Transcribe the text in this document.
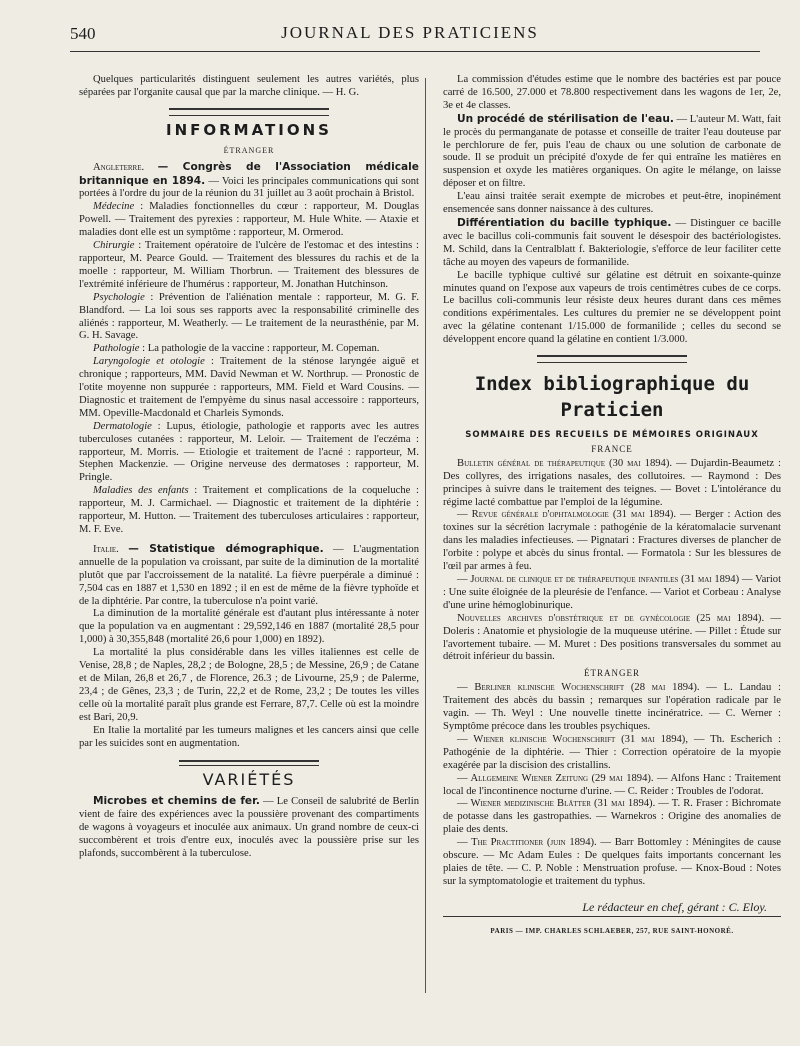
540	JOURNAL DES PRATICIENS

Quelques particularités distinguent seulement les autres variétés, plus séparées par l'organite causal que par la marche clinique. — H. G.

INFORMATIONS
ÉTRANGER

Angleterre. — Congrès de l'Association médicale britannique en 1894. — Voici les principales communications qui sont portées à l'ordre du jour de la réunion du 31 juillet au 3 août prochain à Bristol.

Médecine : Maladies fonctionnelles du cœur : rapporteur, M. Douglas Powell. — Traitement des pyrexies : rapporteur, M. Hule White. — Ataxie et maladies dont elle est un symptôme : rapporteur, M. Ormerod.

Chirurgie : Traitement opératoire de l'ulcère de l'estomac et des intestins : rapporteur, M. Pearce Gould. — Traitement des blessures du rachis et de la moelle : rapporteur, M. William Thorbrun. — Traitement des blessures de l'extrémité inférieure de l'humérus : rapporteur, M. Jonathan Hutchinson.

Psychologie : Prévention de l'aliénation mentale : rapporteur, M. G. F. Blandford. — La loi sous ses rapports avec la responsabilité criminelle des aliénés : rapporteur, M. Weatherly. — Le traitement de la neurasthénie, par M. G. H. Savage.

Pathologie : La pathologie de la vaccine : rapporteur, M. Copeman.

Laryngologie et otologie : Traitement de la sténose laryngée aiguë et chronique ; rapporteurs, MM. David Newman et W. Northrup. — Pronostic de l'otite moyenne non suppurée : rapporteurs, MM. Field et Ward Cousins. — Diagnostic et traitement de l'empyème du sinus nasal accessoire : rapporteurs, MM. Opeville-Macdonald et Charleis Symonds.

Dermatologie : Lupus, étiologie, pathologie et rapports avec les autres tuberculoses cutanées : rapporteur, M. Leloir. — Traitement de l'eczéma : rapporteur, M. Morris. — Etiologie et traitement de l'acné : rapporteur, M. Stephen Mackenzie. — Origine nerveuse des dermatoses : rapporteur, M. Pringle.

Maladies des enfants : Traitement et complications de la coqueluche : rapporteur, M. J. Carmichael. — Diagnostic et traitement de la diphtérie : rapporteur, M. Hutton. — Traitement des tuberculoses articulaires : rapporteur, M. F. Eve.

Italie. — Statistique démographique. — L'augmentation annuelle de la population va croissant, par suite de la diminution de la mortalité plutôt que par l'accroissement de la natalité. La fièvre puerpérale a diminué : 7,504 cas en 1887 et 1,530 en 1892 ; il en est de même de la fièvre typhoïde et de la diphtérie. Par contre, la tuberculose n'a point varié.

La diminution de la mortalité générale est d'autant plus intéressante à noter que la population va en augmentant : 29,592,146 en 1887 (mortalité 28,5 pour 1,000) à 30,355,848 (mortalité 26,6 pour 1,000) en 1892).

La mortalité la plus considérable dans les villes italiennes est celle de Venise, 28,8 ; de Naples, 28,2 ; de Bologne, 28,5 ; de Messine, 26,9 ; de Catane et de Milan, 26,8 et 26,7 , de Florence, 26.3 ; de Livourne, 25,9 ; de Palerme, 23,4 ; de Gênes, 23,3 ; de Turin, 22,2 et de Rome, 23,2 ; De toutes les villes celle où la mortalité paraît plus grande est Ferrare, 87,7. Celle où est la moindre est Bari, 20,9.

En Italie la mortalité par les tumeurs malignes et les cancers ainsi que celle par les suicides sont en augmentation.

VARIÉTÉS

Microbes et chemins de fer. — Le Conseil de salubrité de Berlin vient de faire des expériences avec la poussière provenant des compartiments de wagons à voyageurs et inoculée aux animaux. Un grand nombre de ceux-ci succombèrent et trois d'entre eux, inoculés avec la poussière prise sur les plafonds, succombèrent à la tuberculose.

La commission d'études estime que le nombre des bactéries est par pouce carré de 16.500, 27.000 et 78.800 respectivement dans les wagons de 1er, 2e, 3e et 4e classes.

Un procédé de stérilisation de l'eau. — L'auteur M. Watt, fait le procès du permanganate de potasse et conseille de traiter l'eau douteuse par le perchlorure de fer, puis l'eau de chaux ou une solution de carbonate de soude. Il se produit un précipité d'oxyde de fer qui entraîne les matières en suspension et oxyde les matières organiques. On agite le mélange, on laisse déposer et on filtre.

L'eau ainsi traitée serait exempte de microbes et peut-être, inopinément ensemencée sans donner naissance à des cultures.

Différentiation du bacille typhique. — Distinguer ce bacille avec le bacillus coli-communis fait souvent le désespoir des bactériologistes. M. Schild, dans la Centralblatt f. Bakteriologie, s'efforce de leur faciliter cette tâche au moyen des vapeurs de formanilide.

Le bacille typhique cultivé sur gélatine est détruit en soixante-quinze minutes quand on l'expose aux vapeurs de trois centimètres cubes de ce corps. Le bacillus coli-communis leur résiste deux heures durant dans ces mêmes conditions expérimentales. Les cultures du premier ne se développent point avec la gélatine contenant 1/15.000 de formanilide ; celles du second se développent encore quand la gélatine en contient 1/3.000.

Index bibliographique du Praticien
SOMMAIRE DES RECUEILS DE MÉMOIRES ORIGINAUX
FRANCE

Bulletin général de thérapeutique (30 mai 1894). — Dujardin-Beaumetz : Des collyres, des irrigations nasales, des collutoires. — Raymond : Des principes à suivre dans le traitement des teignes. — Bovet : L'intolérance du régime lacté combattue par l'emploi de la légumine.

— Revue générale d'ophtalmologie (31 mai 1894). — Berger : Action des toxines sur la sécrétion lacrymale : pathogénie de la kératomalacie survenant dans les maladies infectieuses. — Pignatari : Fractures diverses de plancher de l'orbite : polype et abcès du sinus frontal. — Formatola : Sur les blessures de l'œil par armes à feu.

— Journal de clinique et de thérapeutique infantiles (31 mai 1894) — Variot : Une suite éloignée de la pleurésie de l'enfance. — Variot et Corbeau : Analyse d'une urine hémoglobinurique.

Nouvelles archives d'obstétrique et de gynécologie (25 mai 1894). — Doleris : Anatomie et physiologie de la muqueuse utérine. — Pillet : Étude sur l'avortement tubaire. — M. Muret : Des positions transversales du sommet au détroit inférieur du bassin.

ÉTRANGER

— Berliner klinische Wochenschrift (28 mai 1894). — L. Landau : Traitement des abcès du bassin ; remarques sur l'opération radicale par le vagin. — Th. Weyl : Une nouvelle tinette incinératrice. — C. Werner : Symptôme précoce dans les troubles psychiques.

— Wiener klinische Wochenschrift (31 mai 1894), — Th. Escherich : Pathogénie de la diphtérie. — Thier : Correction opératoire de la myopie exagérée par la discision des cristallins.

— Allgemeine Wiener Zeitung (29 mai 1894). — Alfons Hanc : Traitement local de l'incontinence nocturne d'urine. — C. Reider : Troubles de l'odorat.

— Wiener medizinische Blätter (31 mai 1894). — T. R. Fraser : Bichromate de potasse dans les gastropathies. — Warnekros : Origine des anomalies de plaie des dents.

— The Practitioner (juin 1894). — Barr Bottomley : Méningites de cause obscure. — Mc Adam Eules : De quelques faits importants concernant les plaies de tête. — C. P. Noble : Menstruation profuse. — Knox-Boud : Notes sur la symptomatologie et traitement du typhus.

Le rédacteur en chef, gérant : C. Eloy.
PARIS — IMP. CHARLES SCHLAEBER, 257, RUE SAINT-HONORÉ.
